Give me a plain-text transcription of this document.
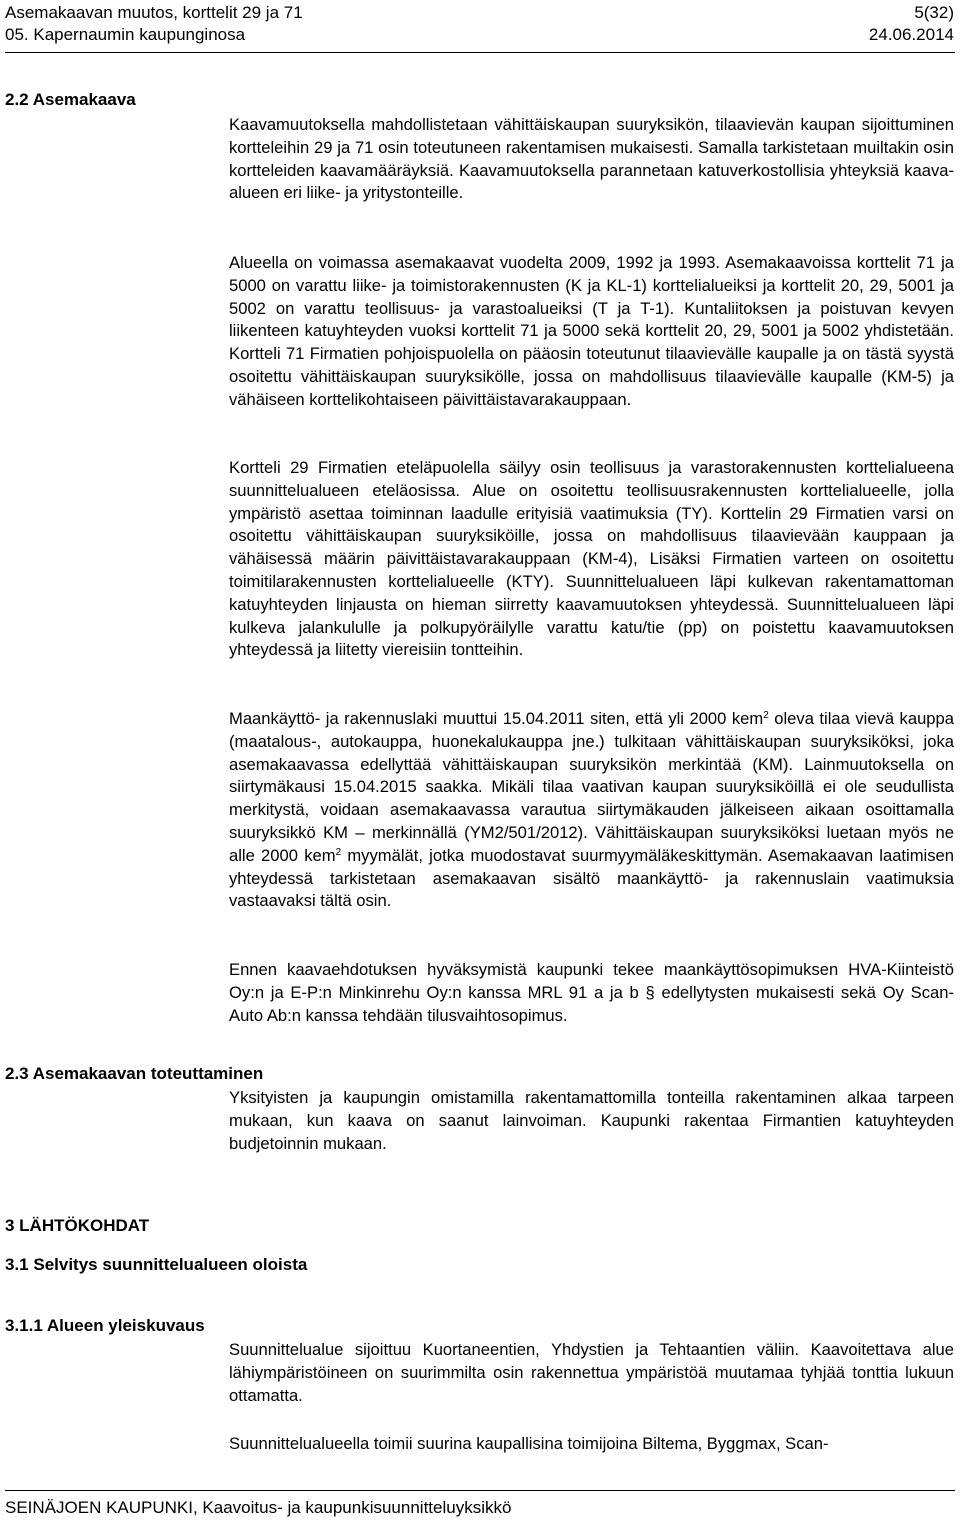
Asemakaavan muutos, korttelit 29 ja 71	5(32)
05. Kapernaumin kaupunginosa	24.06.2014
2.2 Asemakaava
Kaavamuutoksella mahdollistetaan vähittäiskaupan suuryksikön, tilaavievän kaupan sijoittuminen kortteleihin 29 ja 71 osin toteutuneen rakentamisen mukaisesti. Samalla tarkistetaan muiltakin osin kortteleiden kaavamääräyksiä. Kaavamuutoksella parannetaan katuverkostollisia yhteyksiä kaava-alueen eri liike- ja yritystonteille.
Alueella on voimassa asemakaavat vuodelta 2009, 1992 ja 1993. Asemakaavoissa korttelit 71 ja 5000 on varattu liike- ja toimistorakennusten (K ja KL-1) korttelialueiksi ja korttelit 20, 29, 5001 ja 5002 on varattu teollisuus- ja varastoalueiksi (T ja T-1). Kuntaliitoksen ja poistuvan kevyen liikenteen katuyhteyden vuoksi korttelit 71 ja 5000 sekä korttelit 20, 29, 5001 ja 5002 yhdistetään. Kortteli 71 Firmatien pohjoispuolella on pääosin toteutunut tilaavievälle kaupalle ja on tästä syystä osoitettu vähittäiskaupan suuryksikölle, jossa on mahdollisuus tilaavievälle kaupalle (KM-5) ja vähäiseen korttelikohtaiseen päivittäistavarakauppaan.
Kortteli 29 Firmatien eteläpuolella säilyy osin teollisuus ja varastorakennusten korttelialueena suunnittelualueen eteläosissa. Alue on osoitettu teollisuusrakennusten korttelialueelle, jolla ympäristö asettaa toiminnan laadulle erityisiä vaatimuksia (TY). Korttelin 29 Firmatien varsi on osoitettu vähittäiskaupan suuryksiköille, jossa on mahdollisuus tilaavievään kauppaan ja vähäisessä määrin päivittäistavarakauppaan (KM-4), Lisäksi Firmatien varteen on osoitettu toimitilarakennusten korttelialueelle (KTY). Suunnittelualueen läpi kulkevan rakentamattoman katuyhteyden linjausta on hieman siirretty kaavamuutoksen yhteydessä. Suunnittelualueen läpi kulkeva jalankululle ja polkupyöräilylle varattu katu/tie (pp) on poistettu kaavamuutoksen yhteydessä ja liitetty viereisiin tontteihin.
Maankäyttö- ja rakennuslaki muuttui 15.04.2011 siten, että yli 2000 kem$^2$ oleva tilaa vievä kauppa (maatalous-, autokauppa, huonekalukauppa jne.) tulkitaan vähittäiskaupan suuryksiköksi, joka asemakaavassa edellyttää vähittäiskaupan suuryksikön merkintää (KM). Lainmuutoksella on siirtymäkausi 15.04.2015 saakka. Mikäli tilaa vaativan kaupan suuryksiköillä ei ole seudullista merkitystä, voidaan asemakaavassa varautua siirtymäkauden jälkeiseen aikaan osoittamalla suuryksikkö KM – merkinnällä (YM2/501/2012). Vähittäiskaupan suuryksiköksi luetaan myös ne alle 2000 kem$^2$ myymälät, jotka muodostavat suurmyymäläkeskittymän. Asemakaavan laatimisen yhteydessä tarkistetaan asemakaavan sisältö maankäyttö- ja rakennuslain vaatimuksia vastaavaksi tältä osin.
Ennen kaavaehdotuksen hyväksymistä kaupunki tekee maankäyttösopimuksen HVA-Kiinteistö Oy:n ja E-P:n Minkinrehu Oy:n kanssa MRL 91 a ja b § edellytysten mukaisesti sekä Oy Scan-Auto Ab:n kanssa tehdään tilusvaihtosopimus.
2.3 Asemakaavan toteuttaminen
Yksityisten ja kaupungin omistamilla rakentamattomilla tonteilla rakentaminen alkaa tarpeen mukaan, kun kaava on saanut lainvoiman. Kaupunki rakentaa Firmantien katuyhteyden budjetoinnin mukaan.
3 LÄHTÖKOHDAT
3.1 Selvitys suunnittelualueen oloista
3.1.1 Alueen yleiskuvaus
Suunnittelualue sijoittuu Kuortaneentien, Yhdystien ja Tehtaantien väliin. Kaavoitettava alue lähiympäristöineen on suurimmilta osin rakennettua ympäristöä muutamaa tyhjää tonttia lukuun ottamatta.
Suunnittelualueella toimii suurina kaupallisina toimijoina Biltema, Byggmax, Scan-
SEINÄJOEN KAUPUNKI, Kaavoitus- ja kaupunkisuunnitteluyksikkö
